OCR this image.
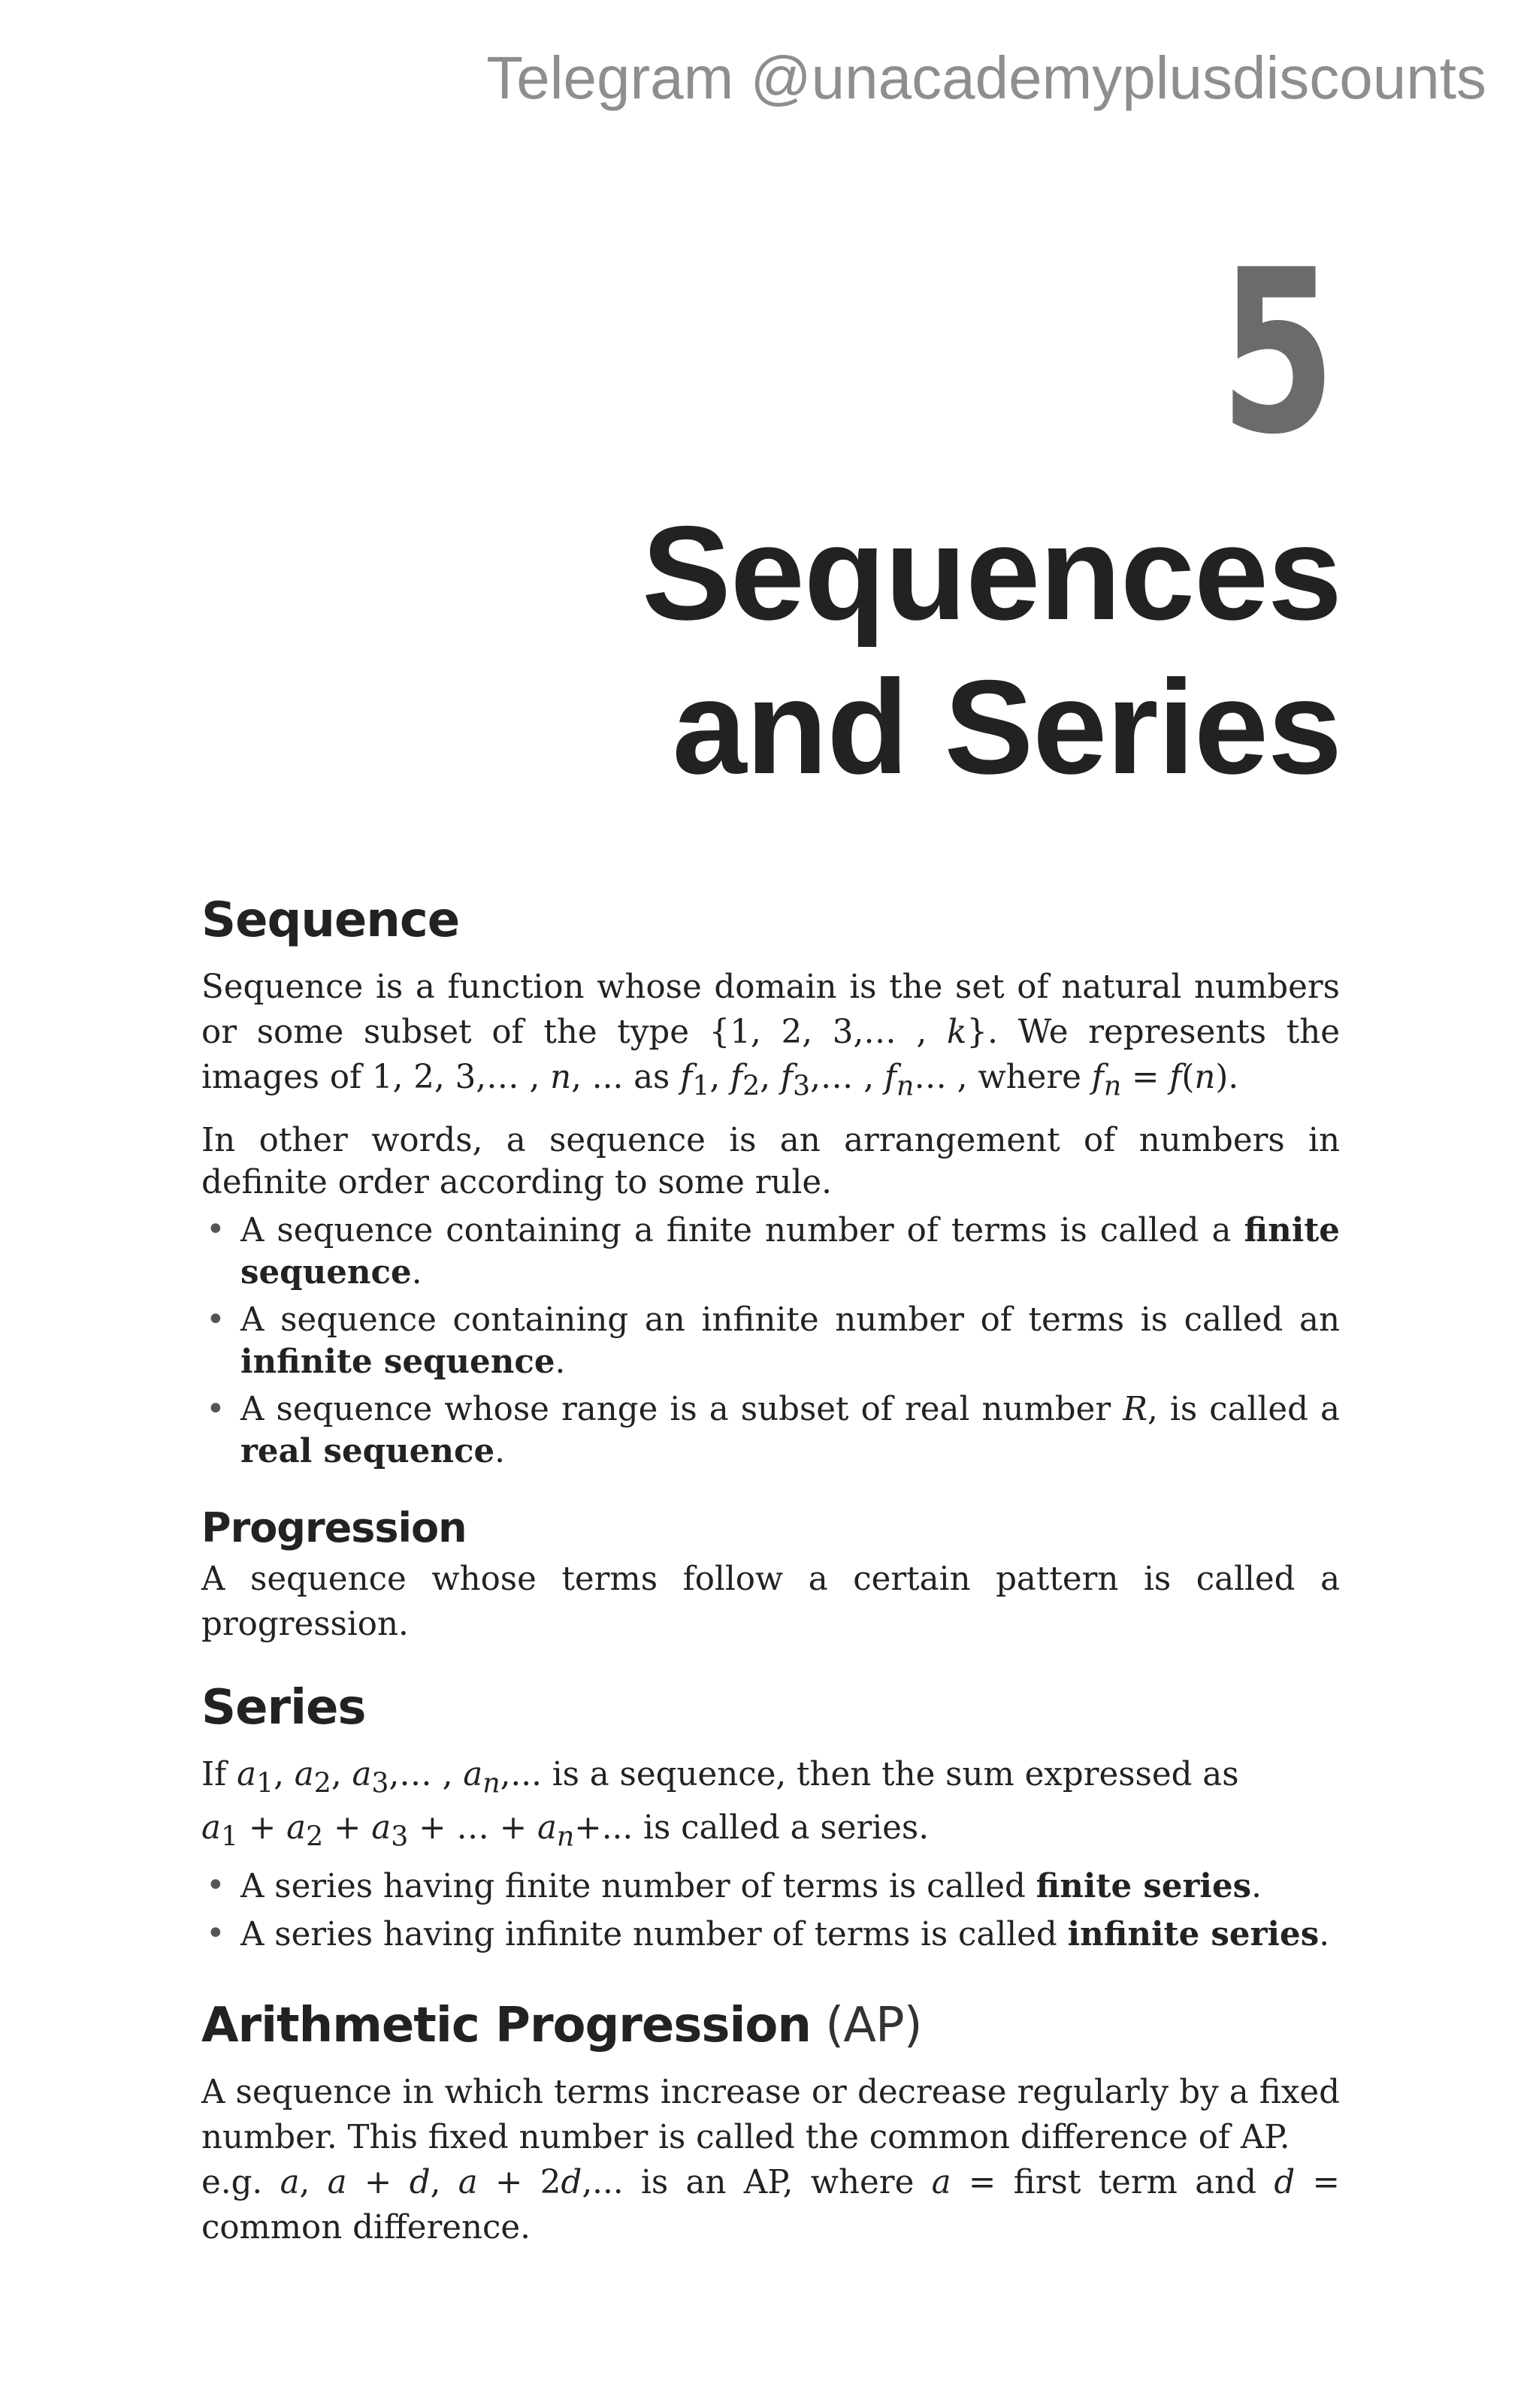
Telegram @unacademyplusdiscounts
5
Sequences
and Series
Sequence

Sequence is a function whose domain is the set of natural numbers or some subset of the type {1, 2, 3,… , k}. We represents the images of 1, 2, 3,… , n, ... as $f_1$, $f_2$, $f_3,\dots$ , $f_n\dots$ , where $f_n = f(n)$.

In other words, a sequence is an arrangement of numbers in definite order according to some rule.

• A sequence containing a finite number of terms is called a finite sequence.
• A sequence containing an infinite number of terms is called an infinite sequence.
• A sequence whose range is a subset of real number R, is called a real sequence.
Progression

A sequence whose terms follow a certain pattern is called a progression.

Series

If $a_1$, $a_2$, $a_3,\dots$ , $a_n$,... is a sequence, then the sum expressed as

$a_1 + a_2 + a_3$ + … + $a_n+$... is called a series.

• A series having finite number of terms is called finite series.
• A series having infinite number of terms is called infinite series.
Arithmetic Progression (AP)

A sequence in which terms increase or decrease regularly by a fixed number. This fixed number is called the common difference of AP.

e.g. a, a + d, a + 2d,... is an AP, where a = first term and d = common difference.
